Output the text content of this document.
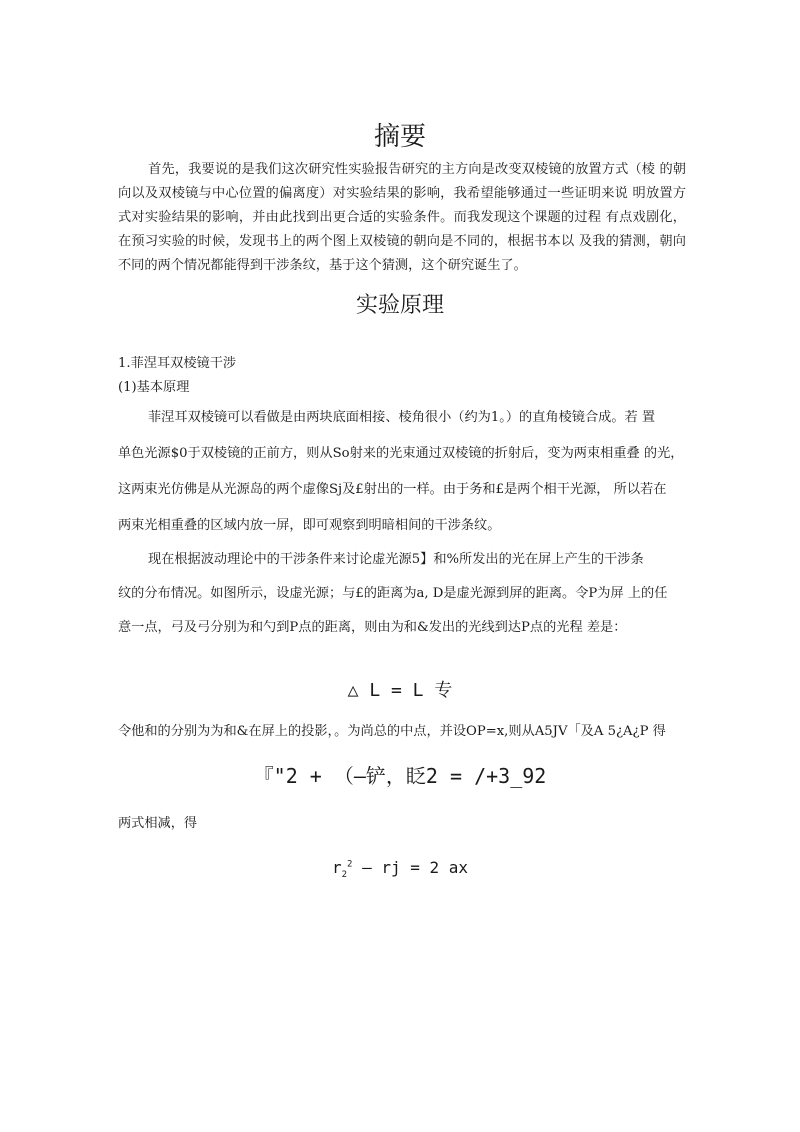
摘要
首先，我要说的是我们这次研究性实验报告研究的主方向是改变双棱镜的放置方式（棱 的朝向以及双棱镜与中心位置的偏离度）对实验结果的影响，我希望能够通过一些证明来说 明放置方式对实验结果的影响，并由此找到出更合适的实验条件。而我发现这个课题的过程 有点戏剧化，在预习实验的时候，发现书上的两个图上双棱镜的朝向是不同的，根据书本以 及我的猜测，朝向不同的两个情况都能得到干涉条纹，基于这个猜测，这个研究诞生了。
实验原理
1.菲涅耳双棱镜干涉
(1)基本原理
菲涅耳双棱镜可以看做是由两块底面相接、棱角很小（约为1。）的直角棱镜合成。若 置
单色光源$0于双棱镜的正前方，则从So射来的光束通过双棱镜的折射后，变为两束相重叠 的光，
这两束光仿佛是从光源岛的两个虚像Sj及£射出的一样。由于务和£是两个相干光源， 所以若在
两束光相重叠的区域内放一屏，即可观察到明暗相间的干涉条纹。
现在根据波动理论中的干涉条件来讨论虚光源5】和%所发出的光在屏上产生的干涉条
纹的分布情况。如图所示，设虚光源；与£的距离为a, D是虚光源到屏的距离。令P为屏 上的任
意一点，弓及弓分别为和勺到P点的距离，则由为和&发出的光线到达P点的光程 差是：
△ L = L 专
令他和的分别为为和&在屏上的投影，。为尚总的中点，并设OP=x,则从A5JV「及A 5¿A¿P 得
『"2 + （—铲，眨2 = /+3_92
两式相减，得
$r_2^2$ — rj = 2 ax
